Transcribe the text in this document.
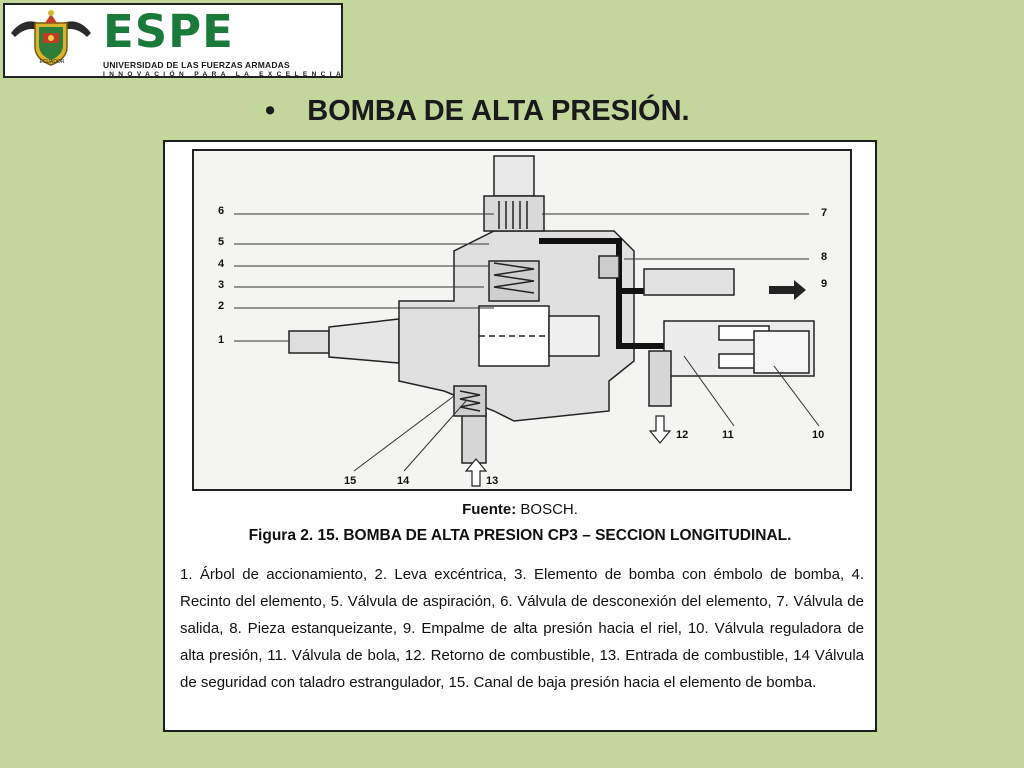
ECUADOR
ESPE
UNIVERSIDAD DE LAS FUERZAS ARMADAS
INNOVACIÓN PARA LA EXCELENCIA
• BOMBA DE ALTA PRESIÓN.
6
5
4
3
2
1
7
8
9
10
11
12
13
14
15
Fuente: BOSCH.
Figura 2. 15. BOMBA DE ALTA PRESION CP3 – SECCION LONGITUDINAL.
1. Árbol de accionamiento, 2. Leva excéntrica, 3. Elemento de bomba con émbolo de bomba, 4. Recinto del elemento, 5. Válvula de aspiración, 6. Válvula de desconexión del elemento, 7. Válvula de salida, 8. Pieza estanqueizante, 9. Empalme de alta presión hacia el riel, 10. Válvula reguladora de alta presión, 11. Válvula de bola, 12. Retorno de combustible, 13. Entrada de combustible, 14 Válvula de seguridad con taladro estrangulador, 15. Canal de baja presión hacia el elemento de bomba.
